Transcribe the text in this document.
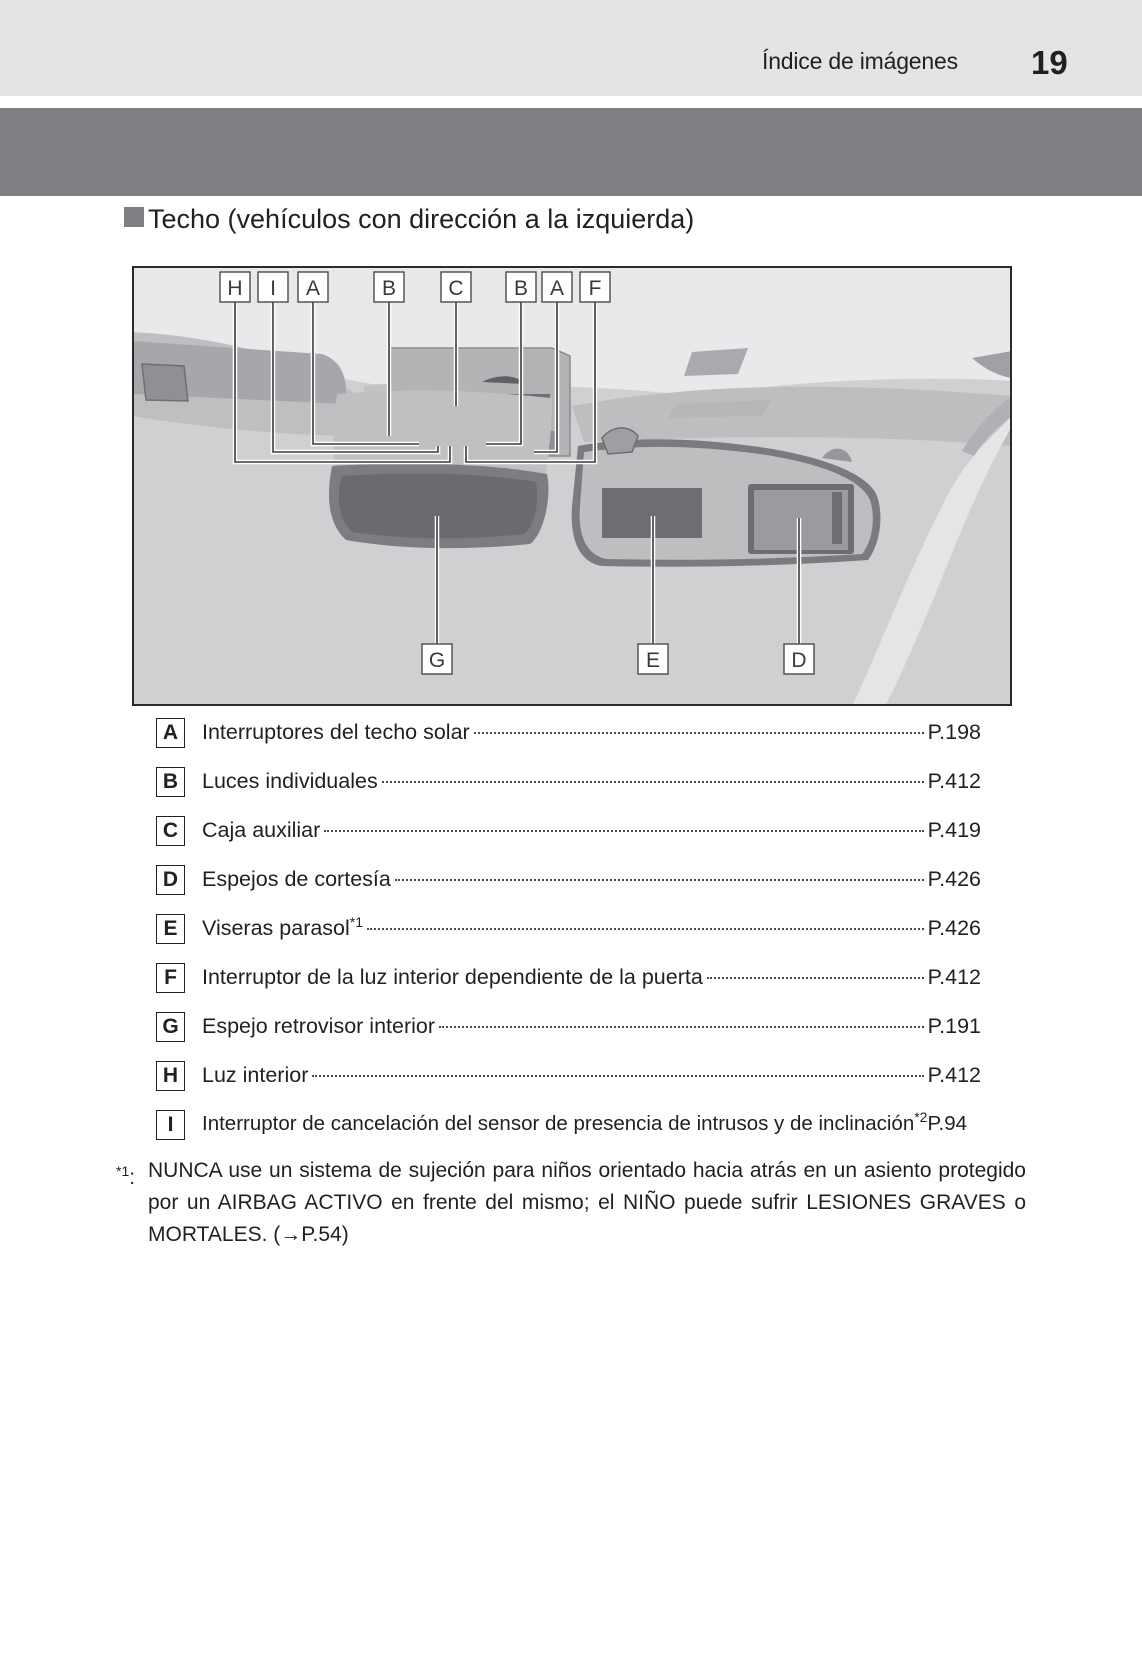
Índice de imágenes 19
Techo (vehículos con dirección a la izquierda)
H I A	B C B A F
G	E	D
A	Interruptores del techo solar	P.198
B	Luces individuales	P.412
C	Caja auxiliar	P.419
D	Espejos de cortesía	P.426
E	Viseras parasol$^{*1}$	P.426
F	Interruptor de la luz interior dependiente de la puerta	P.412
G Espejo retrovisor interior	P.191
H	Luz interior	P.412
I	Interruptor de cancelación del sensor de presencia de intrusos y de inclinación$^{*2}$ P.94
$^{*1}$: NUNCA use un sistema de sujeción para niños orientado hacia atrás en un asiento protegido por un AIRBAG ACTIVO en frente del mismo; el NIÑO puede sufrir LESIONES GRAVES o MORTALES. (→P.54)
